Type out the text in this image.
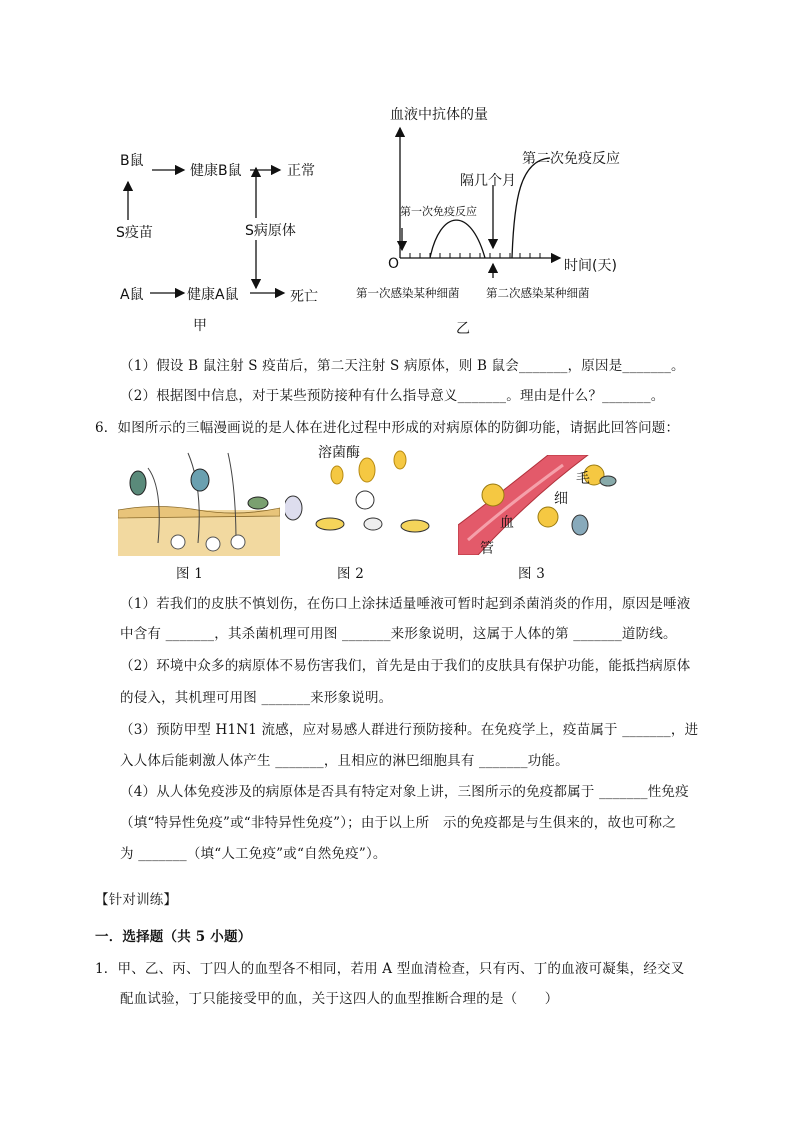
B鼠
健康B鼠	正常
S疫苗	S病原体
A鼠	健康A鼠	死亡
甲
血液中抗体的量
第二次免疫反应
隔几个月
第一次免疫反应
O	时间(天)
第一次感染某种细菌 第二次感染某种细菌
乙
（1）假设 B 鼠注射 S 疫苗后，第二天注射 S 病原体，则 B 鼠会_______，原因是_______。
（2）根据图中信息，对于某些预防接种有什么指导意义_______。理由是什么？_______。
6．如图所示的三幅漫画说的是人体在进化过程中形成的对病原体的防御功能，请据此回答问题：
图 1
溶菌酶
图 2
毛
细
血
管
图 3
（1）若我们的皮肤不慎划伤，在伤口上涂抹适量唾液可暂时起到杀菌消炎的作用，原因是唾液
中含有 _______，其杀菌机理可用图 _______来形象说明，这属于人体的第 _______道防线。
（2）环境中众多的病原体不易伤害我们，首先是由于我们的皮肤具有保护功能，能抵挡病原体
的侵入，其机理可用图 _______来形象说明。
（3）预防甲型 H1N1 流感，应对易感人群进行预防接种。在免疫学上，疫苗属于 _______，进
入人体后能刺激人体产生 _______，且相应的淋巴细胞具有 _______功能。
（4）从人体免疫涉及的病原体是否具有特定对象上讲，三图所示的免疫都属于 _______性免疫
（填“特异性免疫”或“非特异性免疫”）；由于以上所　示的免疫都是与生俱来的，故也可称之
为 _______（填“人工免疫”或“自然免疫”）。
【针对训练】
一．选择题（共 5 小题）
1．甲、乙、丙、丁四人的血型各不相同，若用 A 型血清检查，只有丙、丁的血液可凝集，经交叉
配血试验，丁只能接受甲的血，关于这四人的血型推断合理的是（　　）
